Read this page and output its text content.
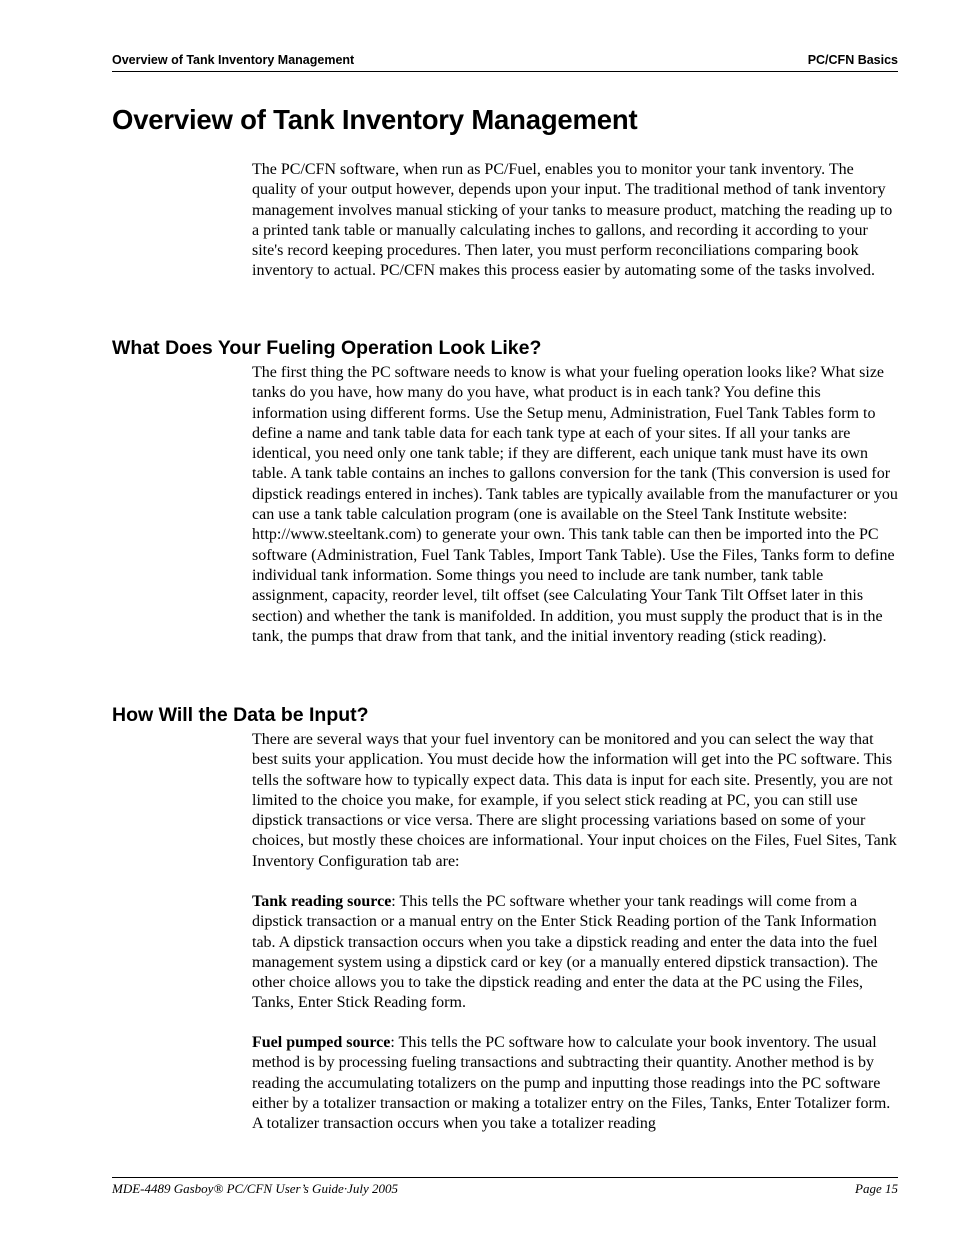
Overview of Tank Inventory Management	PC/CFN Basics
Overview of Tank Inventory Management

The PC/CFN software, when run as PC/Fuel, enables you to monitor your tank inventory. The quality of your output however, depends upon your input. The traditional method of tank inventory management involves manual sticking of your tanks to measure product, matching the reading up to a printed tank table or manually calculating inches to gallons, and recording it according to your site's record keeping procedures. Then later, you must perform reconciliations comparing book inventory to actual. PC/CFN makes this process easier by automating some of the tasks involved.

What Does Your Fueling Operation Look Like?

The first thing the PC software needs to know is what your fueling operation looks like? What size tanks do you have, how many do you have, what product is in each tank? You define this information using different forms. Use the Setup menu, Administration, Fuel Tank Tables form to define a name and tank table data for each tank type at each of your sites. If all your tanks are identical, you need only one tank table; if they are different, each unique tank must have its own table. A tank table contains an inches to gallons conversion for the tank (This conversion is used for dipstick readings entered in inches). Tank tables are typically available from the manufacturer or you can use a tank table calculation program (one is available on the Steel Tank Institute website: http://www.steeltank.com) to generate your own. This tank table can then be imported into the PC software (Administration, Fuel Tank Tables, Import Tank Table). Use the Files, Tanks form to define individual tank information. Some things you need to include are tank number, tank table assignment, capacity, reorder level, tilt offset (see Calculating Your Tank Tilt Offset later in this section) and whether the tank is manifolded. In addition, you must supply the product that is in the tank, the pumps that draw from that tank, and the initial inventory reading (stick reading).

How Will the Data be Input?

There are several ways that your fuel inventory can be monitored and you can select the way that best suits your application. You must decide how the information will get into the PC software. This tells the software how to typically expect data. This data is input for each site. Presently, you are not limited to the choice you make, for example, if you select stick reading at PC, you can still use dipstick transactions or vice versa. There are slight processing variations based on some of your choices, but mostly these choices are informational. Your input choices on the Files, Fuel Sites, Tank Inventory Configuration tab are:

Tank reading source: This tells the PC software whether your tank readings will come from a dipstick transaction or a manual entry on the Enter Stick Reading portion of the Tank Information tab. A dipstick transaction occurs when you take a dipstick reading and enter the data into the fuel management system using a dipstick card or key (or a manually entered dipstick transaction). The other choice allows you to take the dipstick reading and enter the data at the PC using the Files, Tanks, Enter Stick Reading form.

Fuel pumped source: This tells the PC software how to calculate your book inventory. The usual method is by processing fueling transactions and subtracting their quantity. Another method is by reading the accumulating totalizers on the pump and inputting those readings into the PC software either by a totalizer transaction or making a totalizer entry on the Files, Tanks, Enter Totalizer form. A totalizer transaction occurs when you take a totalizer reading

MDE-4489 Gasboy® PC/CFN User’s Guide·July 2005	Page 15
